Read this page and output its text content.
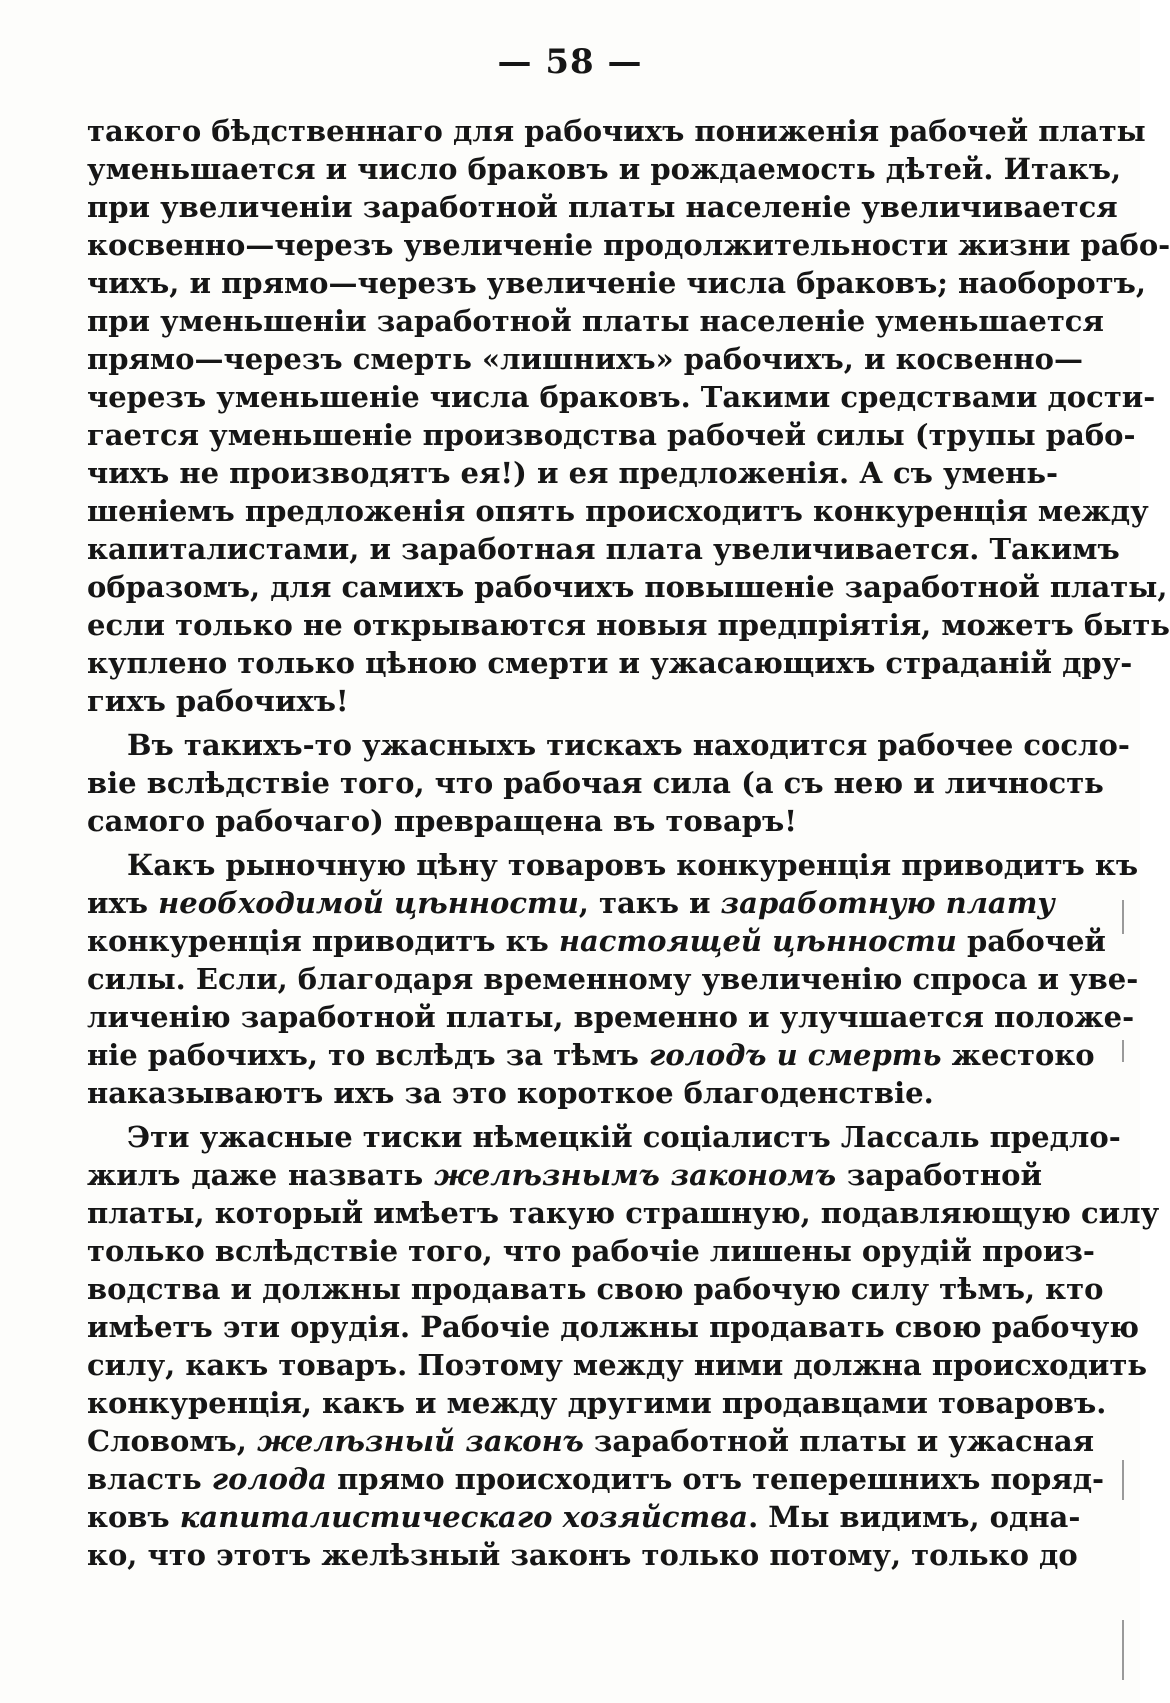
— 58 —
такого бѣдственнаго для рабочихъ пониженія рабочей платы
уменьшается и число браковъ и рождаемость дѣтей. Итакъ,
при увеличеніи заработной платы населеніе увеличивается
косвенно—черезъ увеличеніе продолжительности жизни рабо-
чихъ, и прямо—черезъ увеличеніе числа браковъ; наоборотъ,
при уменьшеніи заработной платы населеніе уменьшается
прямо—черезъ смерть «лишнихъ» рабочихъ, и косвенно—
черезъ уменьшеніе числа браковъ. Такими средствами дости-
гается уменьшеніе производства рабочей силы (трупы рабо-
чихъ не производятъ ея!) и ея предложенія. А съ умень-
шеніемъ предложенія опять происходитъ конкуренція между
капиталистами, и заработная плата увеличивается. Такимъ
образомъ, для самихъ рабочихъ повышеніе заработной платы,
если только не открываются новыя предпріятія, можетъ быть
куплено только цѣною смерти и ужасающихъ страданій дру-
гихъ рабочихъ!
Въ такихъ-то ужасныхъ тискахъ находится рабочее сосло-
віе вслѣдствіе того, что рабочая сила (а съ нею и личность
самого рабочаго) превращена въ товаръ!
Какъ рыночную цѣну товаровъ конкуренція приводитъ къ
ихъ необходимой цѣнности, такъ и заработную плату
конкуренція приводитъ къ настоящей цѣнности рабочей
силы. Если, благодаря временному увеличенію спроса и уве-
личенію заработной платы, временно и улучшается положе-
ніе рабочихъ, то вслѣдъ за тѣмъ голодъ и смерть жестоко
наказываютъ ихъ за это короткое благоденствіе.
Эти ужасные тиски нѣмецкій соціалистъ Лассаль предло-
жилъ даже назвать желѣзнымъ закономъ заработной
платы, который имѣетъ такую страшную, подавляющую силу
только вслѣдствіе того, что рабочіе лишены орудій произ-
водства и должны продавать свою рабочую силу тѣмъ, кто
имѣетъ эти орудія. Рабочіе должны продавать свою рабочую
силу, какъ товаръ. Поэтому между ними должна происходить
конкуренція, какъ и между другими продавцами товаровъ.
Словомъ, желѣзный законъ заработной платы и ужасная
власть голода прямо происходитъ отъ теперешнихъ поряд-
ковъ капиталистическаго хозяйства. Мы видимъ, одна-
ко, что этотъ желѣзный законъ только потому, только до
